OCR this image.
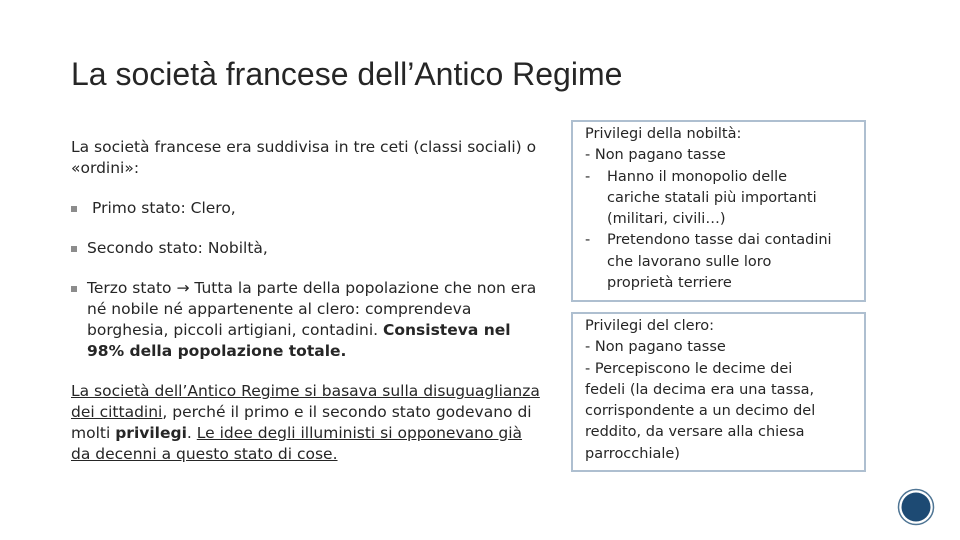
La società francese dell’Antico Regime

La società francese era suddivisa in tre ceti (classi sociali) o «ordini»:

Primo stato: Clero,

Secondo stato: Nobiltà,

Terzo stato → Tutta la parte della popolazione che non era né nobile né appartenente al clero: comprendeva borghesia, piccoli artigiani, contadini. Consisteva nel 98% della popolazione totale.

La società dell’Antico Regime si basava sulla disuguaglianza dei cittadini, perché il primo e il secondo stato godevano di molti privilegi. Le idee degli illuministi si opponevano già da decenni a questo stato di cose.

Privilegi della nobiltà:
- Non pagano tasse
- Hanno il monopolio delle
cariche statali più importanti
(militari, civili…)
- Pretendono tasse dai contadini
che lavorano sulle loro
proprietà terriere
Privilegi del clero:
- Non pagano tasse
- Percepiscono le decime dei
fedeli (la decima era una tassa,
corrispondente a un decimo del
reddito, da versare alla chiesa
parrocchiale)
